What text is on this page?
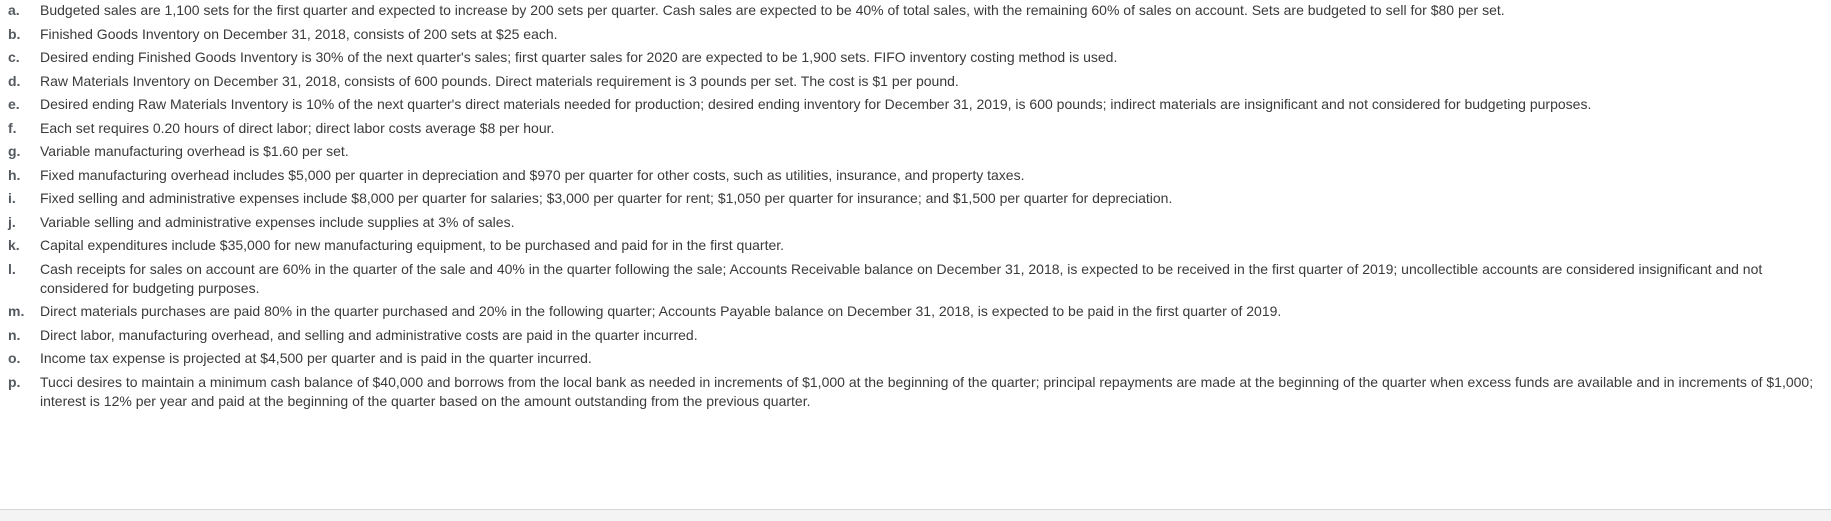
a.	Budgeted sales are 1,100 sets for the first quarter and expected to increase by 200 sets per quarter. Cash sales are expected to be 40% of total sales, with the remaining 60% of sales on account. Sets are budgeted to sell for $80 per set.
b.	Finished Goods Inventory on December 31, 2018, consists of 200 sets at $25 each.
c.	Desired ending Finished Goods Inventory is 30% of the next quarter's sales; first quarter sales for 2020 are expected to be 1,900 sets. FIFO inventory costing method is used.
d.	Raw Materials Inventory on December 31, 2018, consists of 600 pounds. Direct materials requirement is 3 pounds per set. The cost is $1 per pound.
e.	Desired ending Raw Materials Inventory is 10% of the next quarter's direct materials needed for production; desired ending inventory for December 31, 2019, is 600 pounds; indirect materials are insignificant and not considered for budgeting purposes.
f.	Each set requires 0.20 hours of direct labor; direct labor costs average $8 per hour.
g.	Variable manufacturing overhead is $1.60 per set.
h.	Fixed manufacturing overhead includes $5,000 per quarter in depreciation and $970 per quarter for other costs, such as utilities, insurance, and property taxes.
i.	Fixed selling and administrative expenses include $8,000 per quarter for salaries; $3,000 per quarter for rent; $1,050 per quarter for insurance; and $1,500 per quarter for depreciation.
j.	Variable selling and administrative expenses include supplies at 3% of sales.
k.	Capital expenditures include $35,000 for new manufacturing equipment, to be purchased and paid for in the first quarter.
l.	Cash receipts for sales on account are 60% in the quarter of the sale and 40% in the quarter following the sale; Accounts Receivable balance on December 31, 2018, is expected to be received in the first quarter of 2019; uncollectible accounts are considered insignificant and not considered for budgeting purposes.
m.	Direct materials purchases are paid 80% in the quarter purchased and 20% in the following quarter; Accounts Payable balance on December 31, 2018, is expected to be paid in the first quarter of 2019.
n.	Direct labor, manufacturing overhead, and selling and administrative costs are paid in the quarter incurred.
o.	Income tax expense is projected at $4,500 per quarter and is paid in the quarter incurred.
p.	Tucci desires to maintain a minimum cash balance of $40,000 and borrows from the local bank as needed in increments of $1,000 at the beginning of the quarter; principal repayments are made at the beginning of the quarter when excess funds are available and in increments of $1,000; interest is 12% per year and paid at the beginning of the quarter based on the amount outstanding from the previous quarter.
